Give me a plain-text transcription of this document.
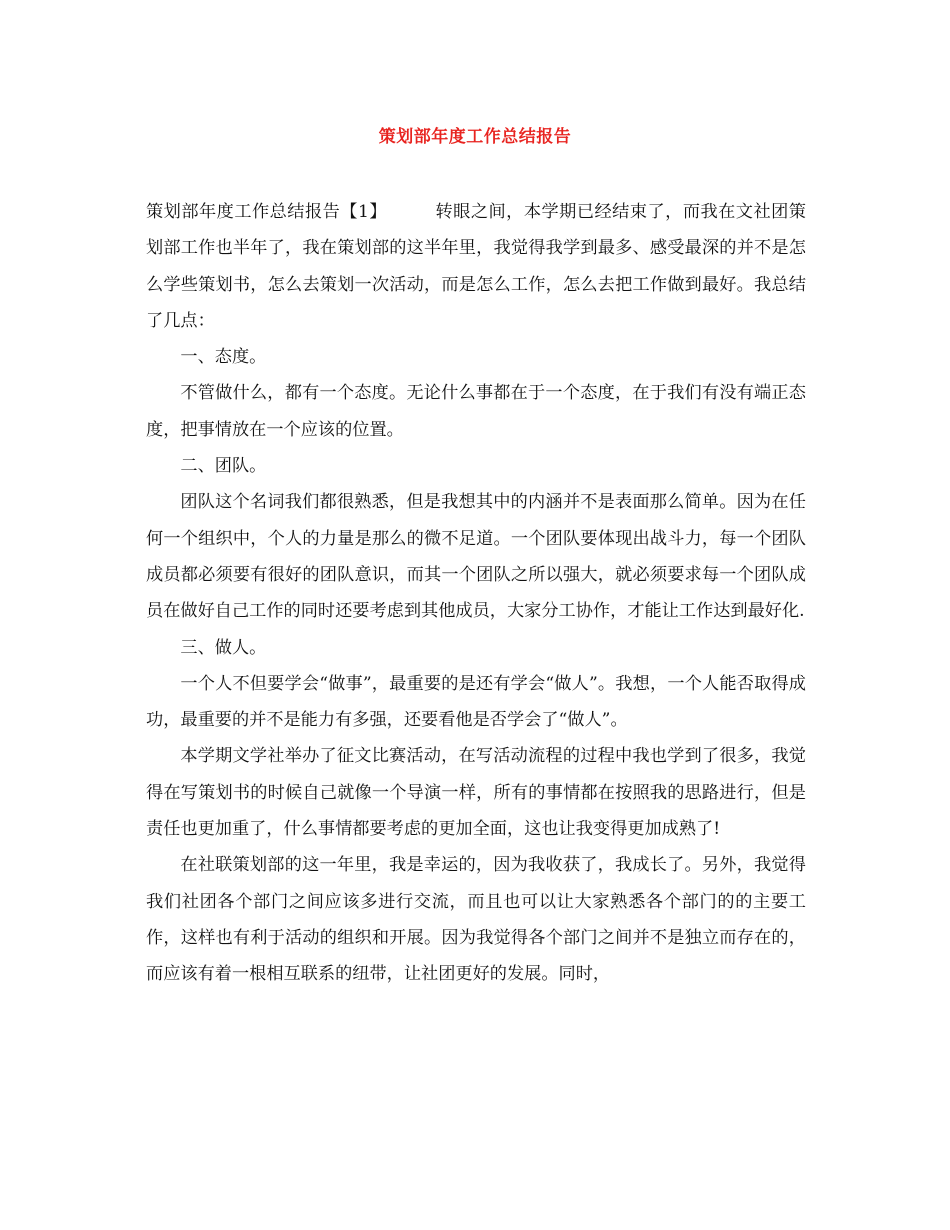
策划部年度工作总结报告

策划部年度工作总结报告【1】	转眼之间，本学期已经结束了，而我在文社团策划部工作也半年了，我在策划部的这半年里，我觉得我学到最多、感受最深的并不是怎么学些策划书，怎么去策划一次活动，而是怎么工作，怎么去把工作做到最好。我总结了几点：

一、态度。

不管做什么，都有一个态度。无论什么事都在于一个态度，在于我们有没有端正态度，把事情放在一个应该的位置。

二、团队。

团队这个名词我们都很熟悉，但是我想其中的内涵并不是表面那么简单。因为在任何一个组织中，个人的力量是那么的微不足道。一个团队要体现出战斗力，每一个团队成员都必须要有很好的团队意识，而其一个团队之所以强大，就必须要求每一个团队成员在做好自己工作的同时还要考虑到其他成员，大家分工协作，才能让工作达到最好化.

三、做人。

一个人不但要学会“做事”，最重要的是还有学会“做人”。我想，一个人能否取得成功，最重要的并不是能力有多强，还要看他是否学会了“做人”。

本学期文学社举办了征文比赛活动，在写活动流程的过程中我也学到了很多，我觉得在写策划书的时候自己就像一个导演一样，所有的事情都在按照我的思路进行，但是责任也更加重了，什么事情都要考虑的更加全面，这也让我变得更加成熟了!

在社联策划部的这一年里，我是幸运的，因为我收获了，我成长了。另外，我觉得我们社团各个部门之间应该多进行交流，而且也可以让大家熟悉各个部门的的主要工作，这样也有利于活动的组织和开展。因为我觉得各个部门之间并不是独立而存在的，而应该有着一根相互联系的纽带，让社团更好的发展。同时，
